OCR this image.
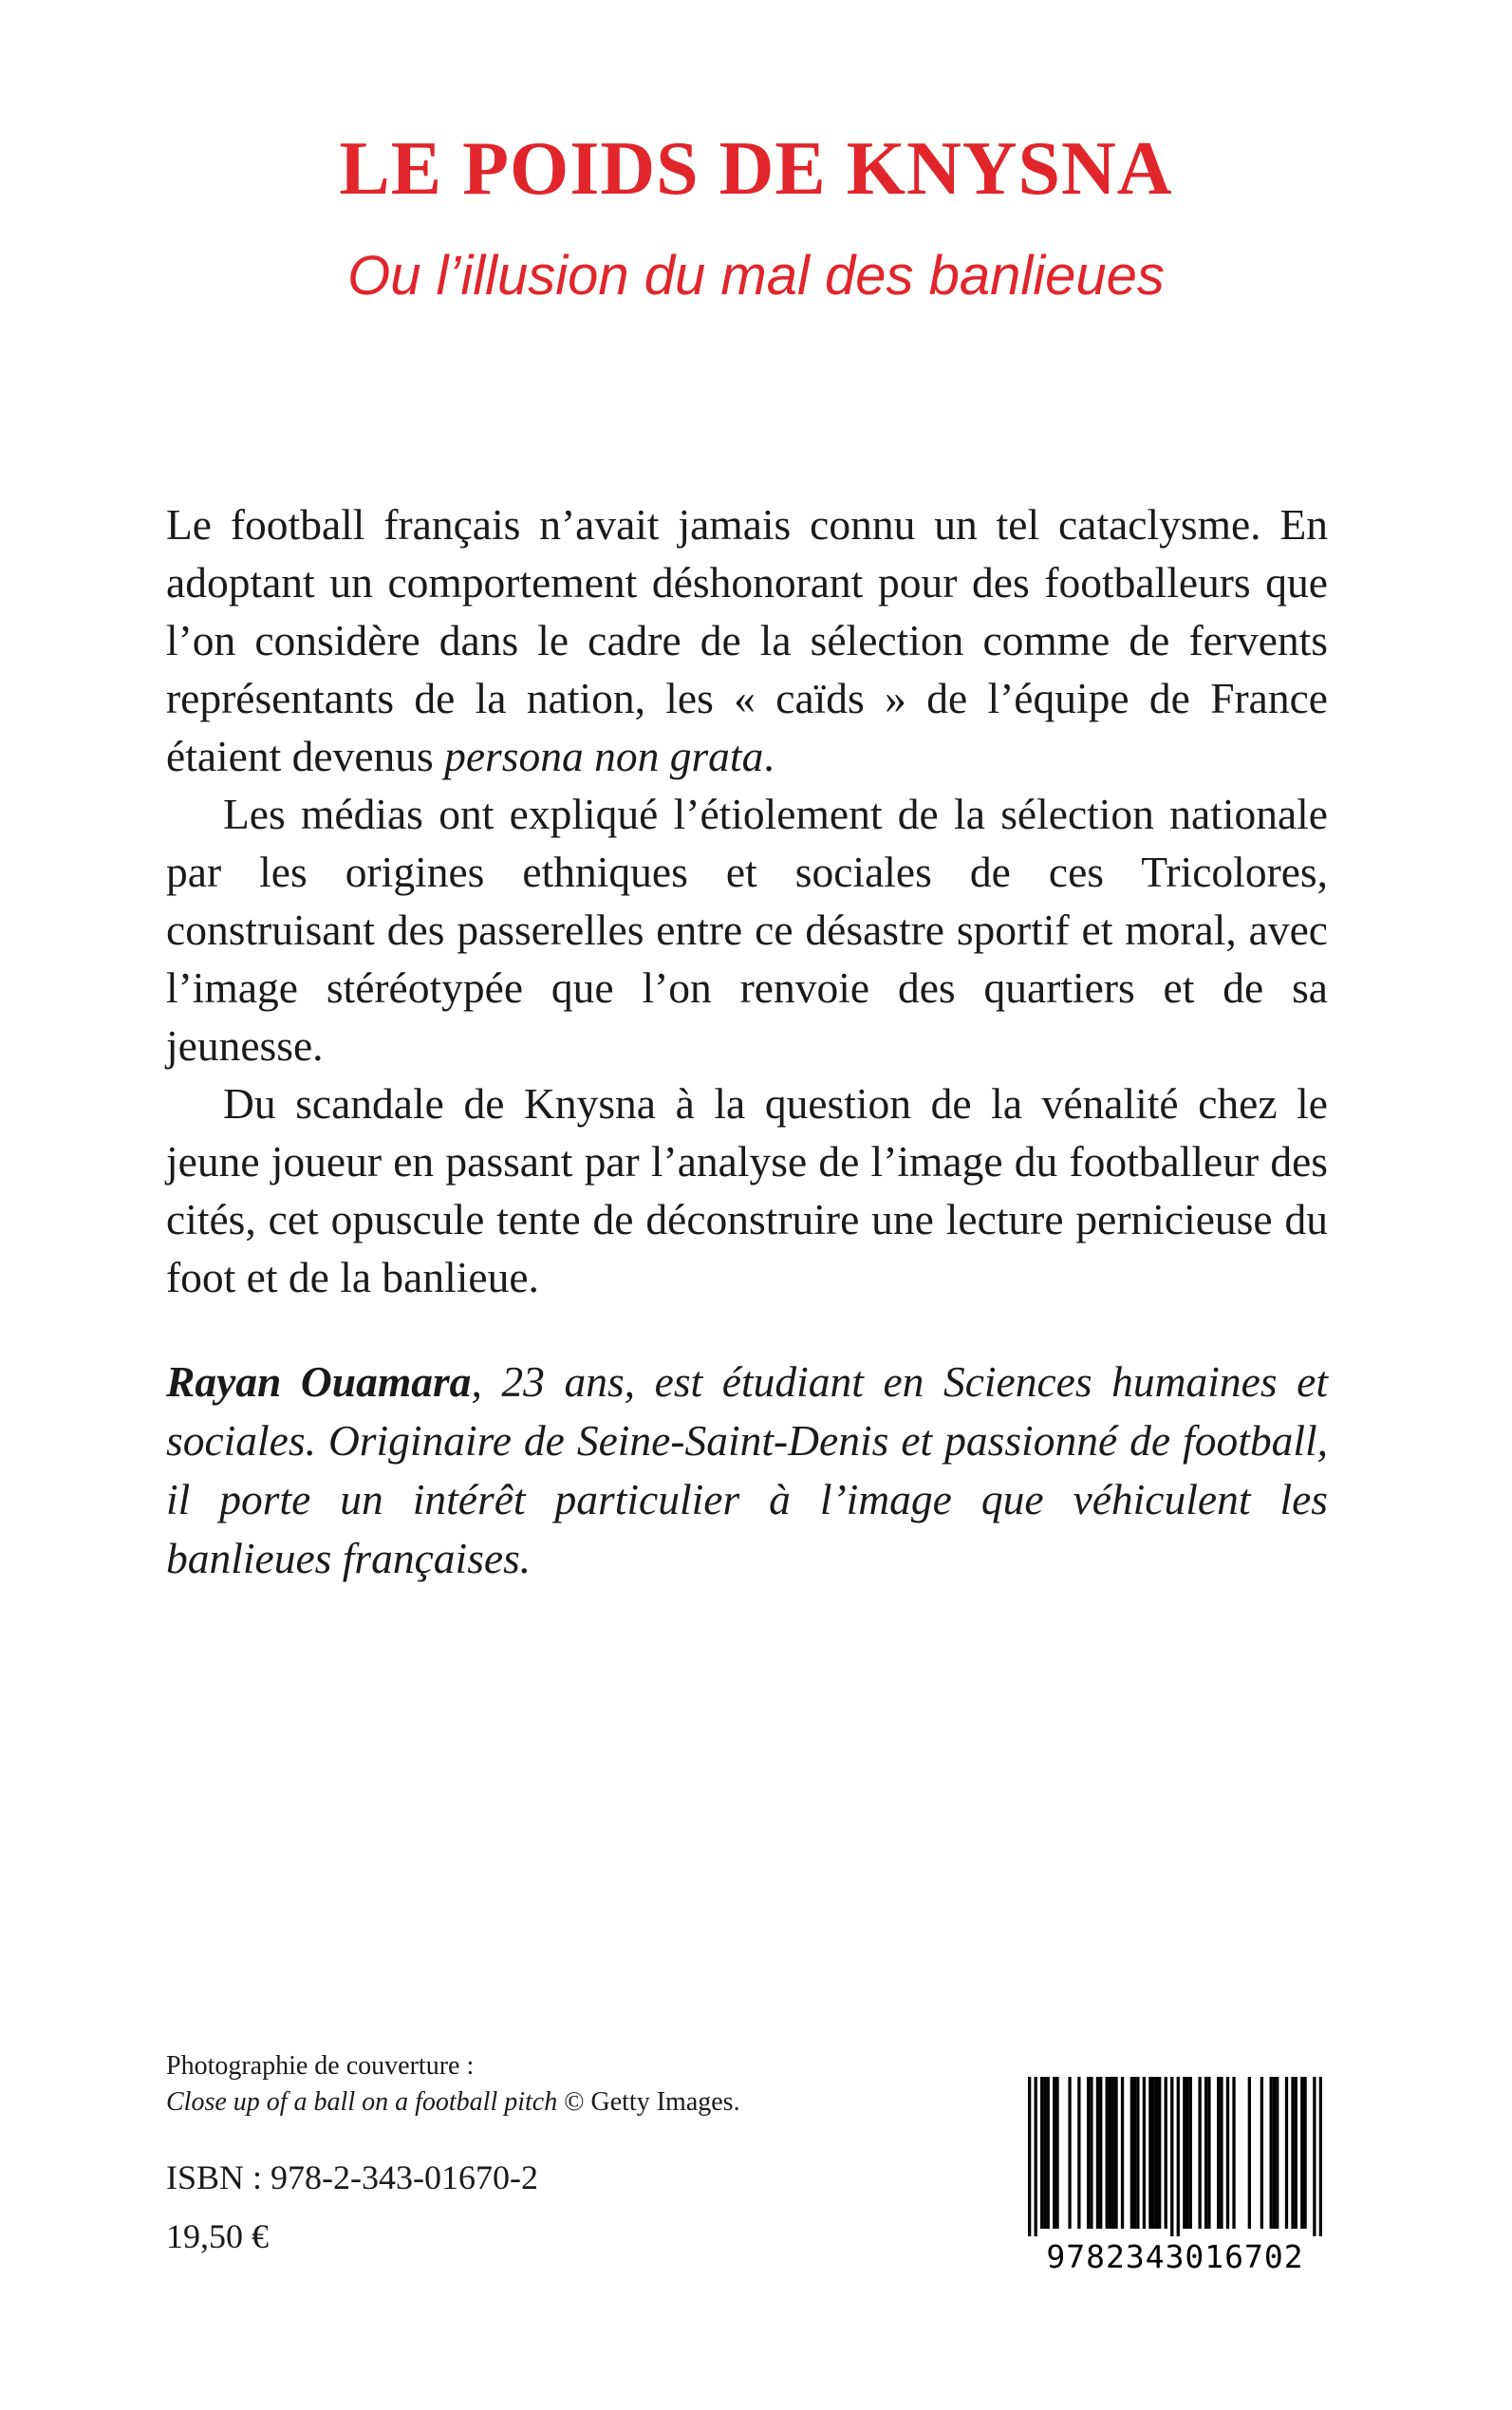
LE POIDS DE KNYSNA
Ou l’illusion du mal des banlieues

Le football français n’avait jamais connu un tel cataclysme. En adoptant un comportement déshonorant pour des footballeurs que l’on considère dans le cadre de la sélection comme de fervents représentants de la nation, les « caïds » de l’équipe de France étaient devenus persona non grata.

Les médias ont expliqué l’étiolement de la sélection nationale par les origines ethniques et sociales de ces Tricolores, construisant des passerelles entre ce désastre sportif et moral, avec l’image stéréotypée que l’on renvoie des quartiers et de sa jeunesse.

Du scandale de Knysna à la question de la vénalité chez le jeune joueur en passant par l’analyse de l’image du footballeur des cités, cet opuscule tente de déconstruire une lecture pernicieuse du foot et de la banlieue.

Rayan Ouamara, 23 ans, est étudiant en Sciences humaines et sociales. Originaire de Seine-Saint-Denis et passionné de football, il porte un intérêt particulier à l’image que véhiculent les banlieues françaises.
Photographie de couverture :
Close up of a ball on a football pitch © Getty Images.
ISBN : 978-2-343-01670-2
19,50 €
9782343016702
